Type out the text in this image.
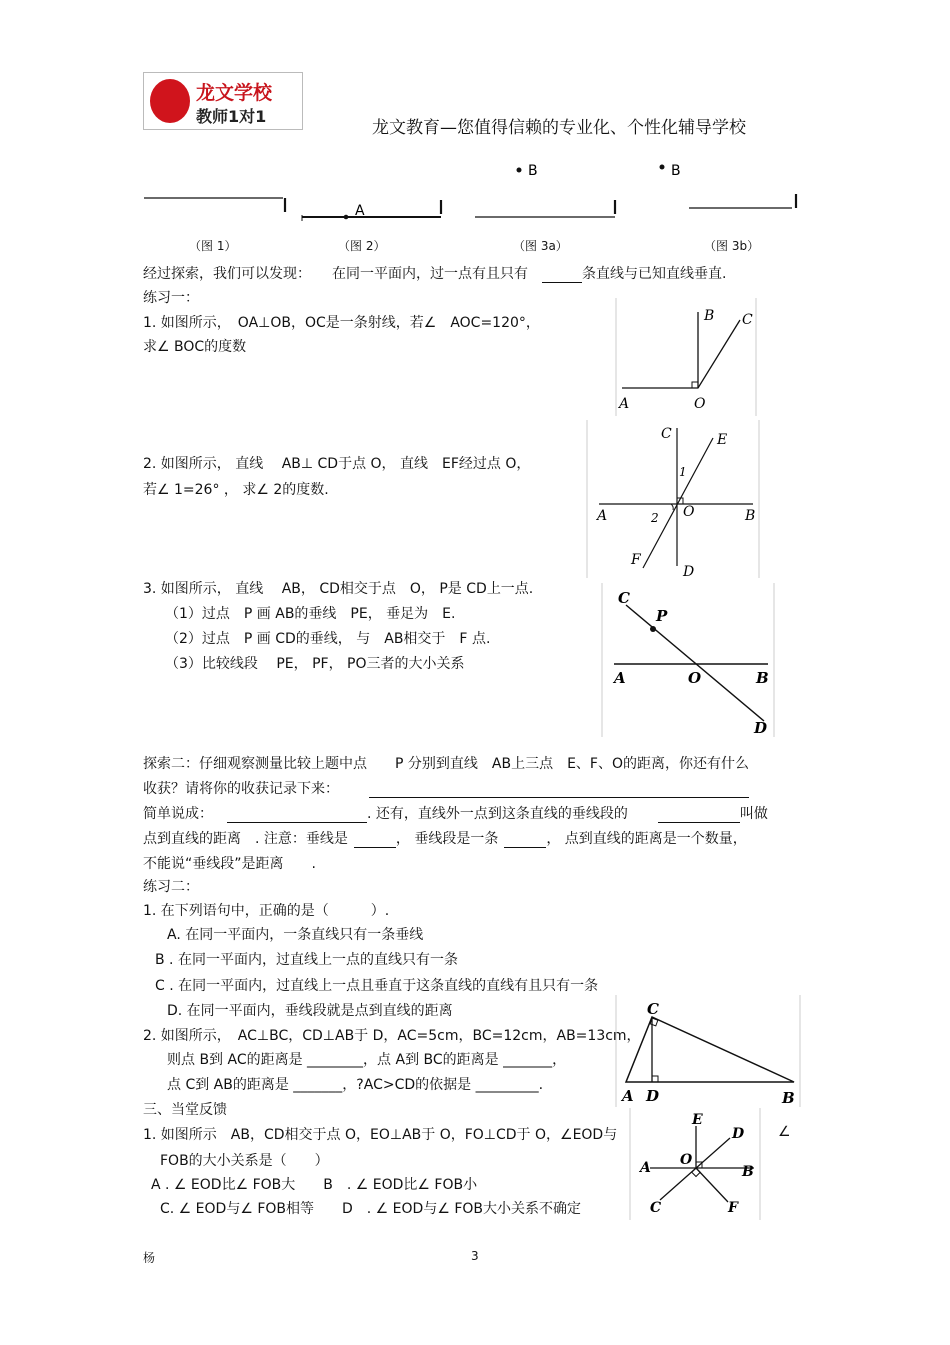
龙文学校
教师1对1
龙文教育—您值得信赖的专业化、个性化辅导学校
A
B	B
（图 1）	（图 2）	（图 3a）	（图 3b）
经过探索，我们可以发现：　　在同一平面内，过一点有且只有　	条直线与已知直线垂直.
练习一：
1. 如图所示，　OA⊥OB，OC是一条射线，若∠　AOC=120°，
求∠ BOC的度数
B C
A	O
2. 如图所示， 直线　 AB⊥ CD于点 O， 直线　EF经过点 O，
若∠ 1=26° ， 求∠ 2的度数.
C	E
1
A	2 O	B
F
D
3. 如图所示， 直线　 AB， CD相交于点　O， P是 CD上一点.
（1）过点　P 画 AB的垂线　PE， 垂足为　E.
（2）过点　P 画 CD的垂线， 与　AB相交于　F 点.
（3）比较线段　 PE， PF， PO三者的大小关系
C
P
A	O	B
D
探索二：仔细观察测量比较上题中点　　P 分别到直线　AB上三点　E、F、O的距离，你还有什么
收获？请将你的收获记录下来：
简单说成：	. 还有，直线外一点到这条直线的垂线段的	叫做
点到直线的距离　. 注意：垂线是	， 垂线段是一条	， 点到直线的距离是一个数量，
不能说“垂线段”是距离　　.
练习二：
1. 在下列语句中，正确的是（　　　）.
A. 在同一平面内，一条直线只有一条垂线
B . 在同一平面内，过直线上一点的直线只有一条
C . 在同一平面内，过直线上一点且垂直于这条直线的直线有且只有一条
D. 在同一平面内，垂线段就是点到直线的距离
2. 如图所示，　AC⊥BC，CD⊥AB于 D，AC=5cm，BC=12cm，AB=13cm，
则点 B到 AC的距离是 ________，点 A到 BC的距离是 _______，
点 C到 AB的距离是 _______，?AC>CD的依据是 _________.
C
A D	B
三、当堂反馈
1. 如图所示　AB，CD相交于点 O，EO⊥AB于 O，FO⊥CD于 O，∠EOD与	∠
FOB的大小关系是（　　）
A . ∠ EOD比∠ FOB大　　B　. ∠ EOD比∠ FOB小
C. ∠ EOD与∠ FOB相等　　D　. ∠ EOD与∠ FOB大小关系不确定
E
D
A O
B
C	F
杨	3
